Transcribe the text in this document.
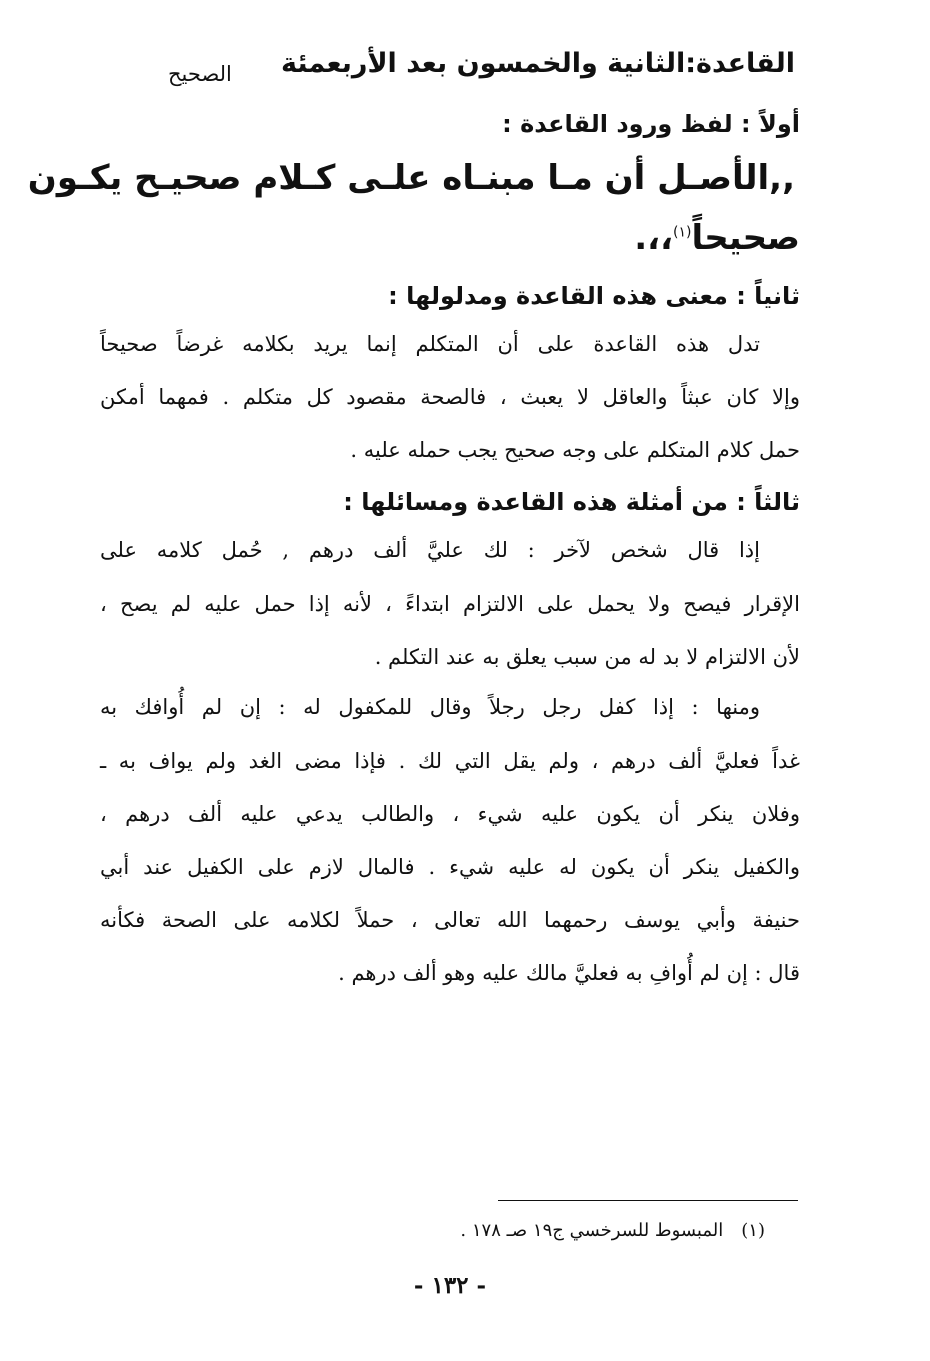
القاعدة:الثانية والخمسون بعد الأربعمئة
الصحيح
أولاً : لفظ ورود القاعدة :
,,الأصـل أن مـا مبنـاه علـى كـلام صحيـح يكـون
صحيحاً$^{(١)}$،،.
ثانياً : معنى هذه القاعدة ومدلولها :
تدل هذه القاعدة على أن المتكلم إنما يريد بكلامه غرضاً صحيحاً
وإلا كان عبثاً والعاقل لا يعبث ، فالصحة مقصود كل متكلم . فمهما أمكن
حمل كلام المتكلم على وجه صحيح يجب حمله عليه .
ثالثاً : من أمثلة هذه القاعدة ومسائلها :
إذا قال شخص لآخر : لك عليَّ ألف درهم , حُمل كلامه على
الإقرار فيصح ولا يحمل على الالتزام ابتداءً ، لأنه إذا حمل عليه لم يصح ،
لأن الالتزام لا بد له من سبب يعلق به عند التكلم .
ومنها : إذا كفل رجل رجلاً وقال للمكفول له : إن لم أُوافك به
غداً فعليَّ ألف درهم ، ولم يقل التي لك . فإذا مضى الغد ولم يواف به ـ
وفلان ينكر أن يكون عليه شيء ، والطالب يدعي عليه ألف درهم ،
والكفيل ينكر أن يكون له عليه شيء . فالمال لازم على الكفيل عند أبي
حنيفة وأبي يوسف رحمهما الله تعالى ، حملاً لكلامه على الصحة فكأنه
قال : إن لم أُوافِ به فعليَّ مالك عليه وهو ألف درهم .
(١)المبسوط للسرخسي ج١٩ صـ ١٧٨ .
- ١٣٢ -
